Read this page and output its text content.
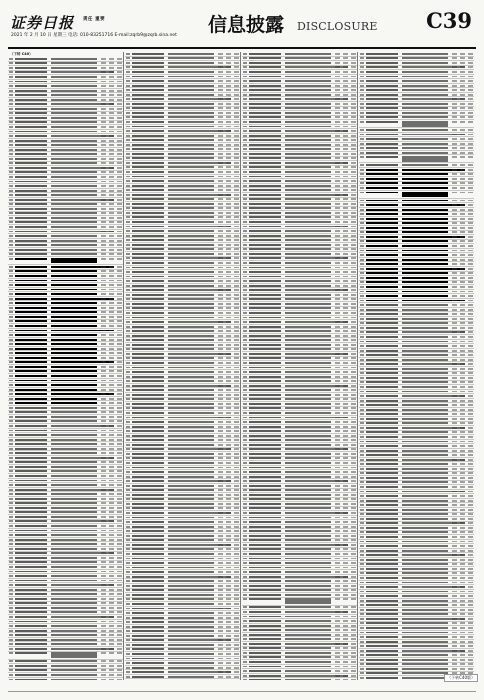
证券日报 责任 重要
2021 年 2 月 10 日 星期三 电话: 010-83251716 E-mail:zqrb9@zqrb.sina.net 信息披露 DISCLOSURE C39
（下转 C40）
（下转C40版）
